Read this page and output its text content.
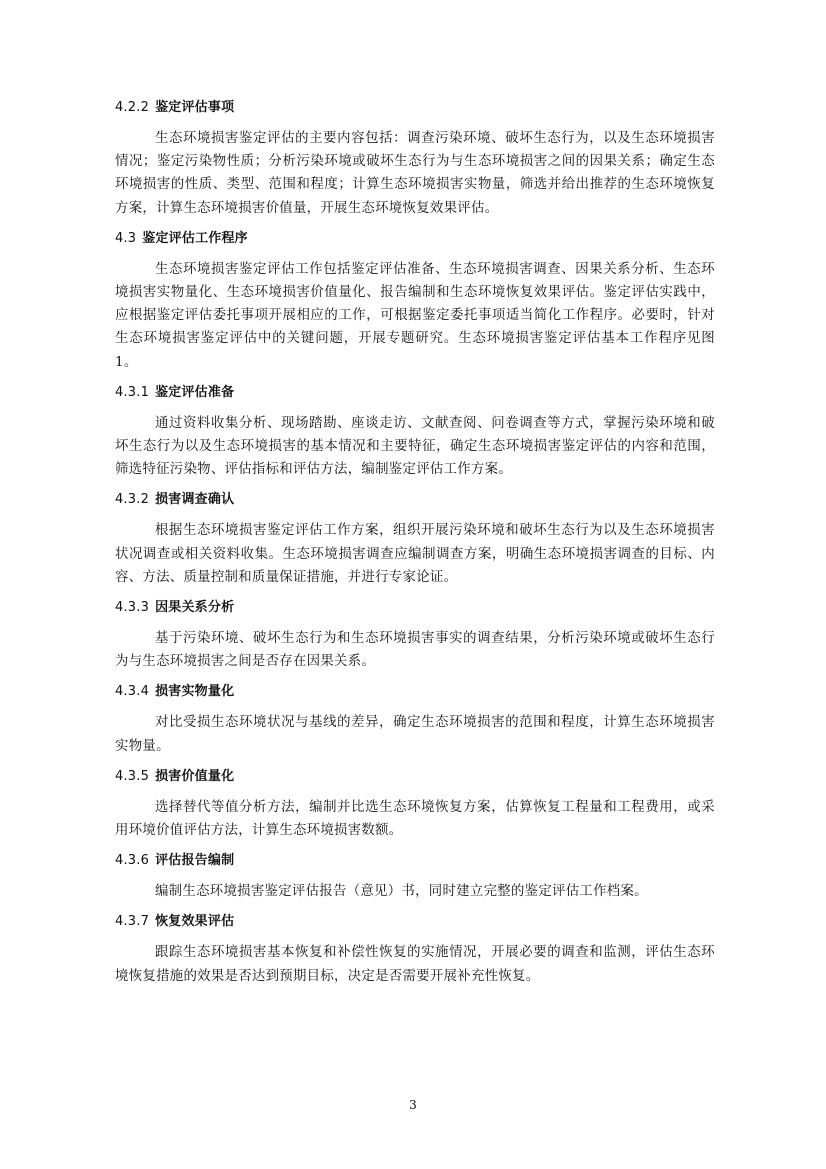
4.2.2 鉴定评估事项

生态环境损害鉴定评估的主要内容包括：调查污染环境、破坏生态行为，以及生态环境损害情况；鉴定污染物性质；分析污染环境或破坏生态行为与生态环境损害之间的因果关系；确定生态环境损害的性质、类型、范围和程度；计算生态环境损害实物量，筛选并给出推荐的生态环境恢复方案，计算生态环境损害价值量，开展生态环境恢复效果评估。

4.3 鉴定评估工作程序

生态环境损害鉴定评估工作包括鉴定评估准备、生态环境损害调查、因果关系分析、生态环境损害实物量化、生态环境损害价值量化、报告编制和生态环境恢复效果评估。鉴定评估实践中，应根据鉴定评估委托事项开展相应的工作，可根据鉴定委托事项适当简化工作程序。必要时，针对生态环境损害鉴定评估中的关键问题，开展专题研究。生态环境损害鉴定评估基本工作程序见图 1。

4.3.1 鉴定评估准备

通过资料收集分析、现场踏勘、座谈走访、文献查阅、问卷调查等方式，掌握污染环境和破坏生态行为以及生态环境损害的基本情况和主要特征，确定生态环境损害鉴定评估的内容和范围，筛选特征污染物、评估指标和评估方法，编制鉴定评估工作方案。

4.3.2 损害调查确认

根据生态环境损害鉴定评估工作方案，组织开展污染环境和破坏生态行为以及生态环境损害状况调查或相关资料收集。生态环境损害调查应编制调查方案，明确生态环境损害调查的目标、内容、方法、质量控制和质量保证措施，并进行专家论证。

4.3.3 因果关系分析

基于污染环境、破坏生态行为和生态环境损害事实的调查结果，分析污染环境或破坏生态行为与生态环境损害之间是否存在因果关系。

4.3.4 损害实物量化

对比受损生态环境状况与基线的差异，确定生态环境损害的范围和程度，计算生态环境损害实物量。

4.3.5 损害价值量化

选择替代等值分析方法，编制并比选生态环境恢复方案，估算恢复工程量和工程费用，或采用环境价值评估方法，计算生态环境损害数额。

4.3.6 评估报告编制

编制生态环境损害鉴定评估报告（意见）书，同时建立完整的鉴定评估工作档案。

4.3.7 恢复效果评估

跟踪生态环境损害基本恢复和补偿性恢复的实施情况，开展必要的调查和监测，评估生态环境恢复措施的效果是否达到预期目标，决定是否需要开展补充性恢复。

3
